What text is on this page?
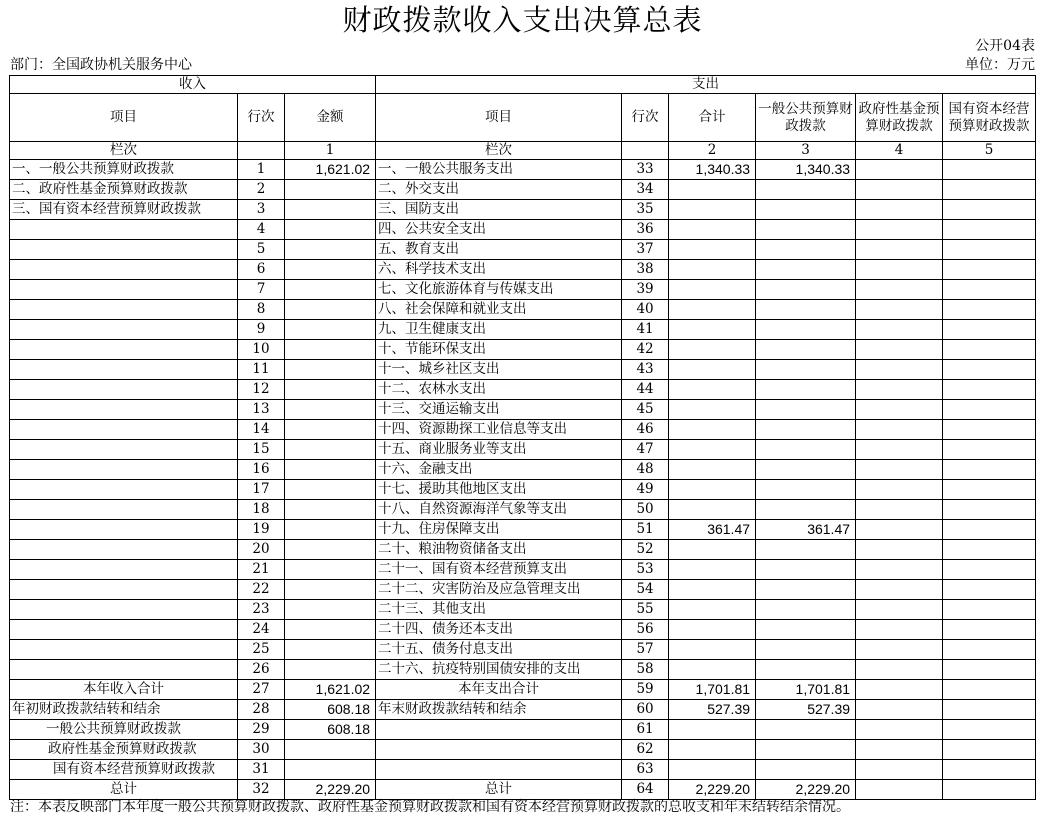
财政拨款收入支出决算总表
公开04表
部门：全国政协机关服务中心	单位：万元
收入			支出					
项目	行次	金额	项目	行次	合计	一般公共预算财政拨款	政府性基金预算财政拨款	国有资本经营预算财政拨款
栏次		1	栏次		2	3	4	5
一、一般公共预算财政拨款	1	1,621.02	一、一般公共服务支出	33	1,340.33	1,340.33		
二、政府性基金预算财政拨款	2		二、外交支出	34				
三、国有资本经营预算财政拨款	3		三、国防支出	35				
	4		四、公共安全支出	36				
	5		五、教育支出	37				
	6		六、科学技术支出	38				
	7		七、文化旅游体育与传媒支出	39				
	8		八、社会保障和就业支出	40				
	9		九、卫生健康支出	41				
	10		十、节能环保支出	42				
	11		十一、城乡社区支出	43				
	12		十二、农林水支出	44				
	13		十三、交通运输支出	45				
	14		十四、资源勘探工业信息等支出	46				
	15		十五、商业服务业等支出	47				
	16		十六、金融支出	48				
	17		十七、援助其他地区支出	49				
	18		十八、自然资源海洋气象等支出	50				
	19		十九、住房保障支出	51	361.47	361.47		
	20		二十、粮油物资储备支出	52				
	21		二十一、国有资本经营预算支出	53				
	22		二十二、灾害防治及应急管理支出	54				
	23		二十三、其他支出	55				
	24		二十四、债务还本支出	56				
	25		二十五、债务付息支出	57				
	26		二十六、抗疫特别国债安排的支出	58				
本年收入合计	27	1,621.02	本年支出合计	59	1,701.81	1,701.81		
年初财政拨款结转和结余	28	608.18	年末财政拨款结转和结余	60	527.39	527.39		
一般公共预算财政拨款	29	608.18		61				
政府性基金预算财政拨款	30			62				
国有资本经营预算财政拨款	31			63				
总计	32	2,229.20	总计	64	2,229.20	2,229.20		
注：本表反映部门本年度一般公共预算财政拨款、政府性基金预算财政拨款和国有资本经营预算财政拨款的总收支和年末结转结余情况。
